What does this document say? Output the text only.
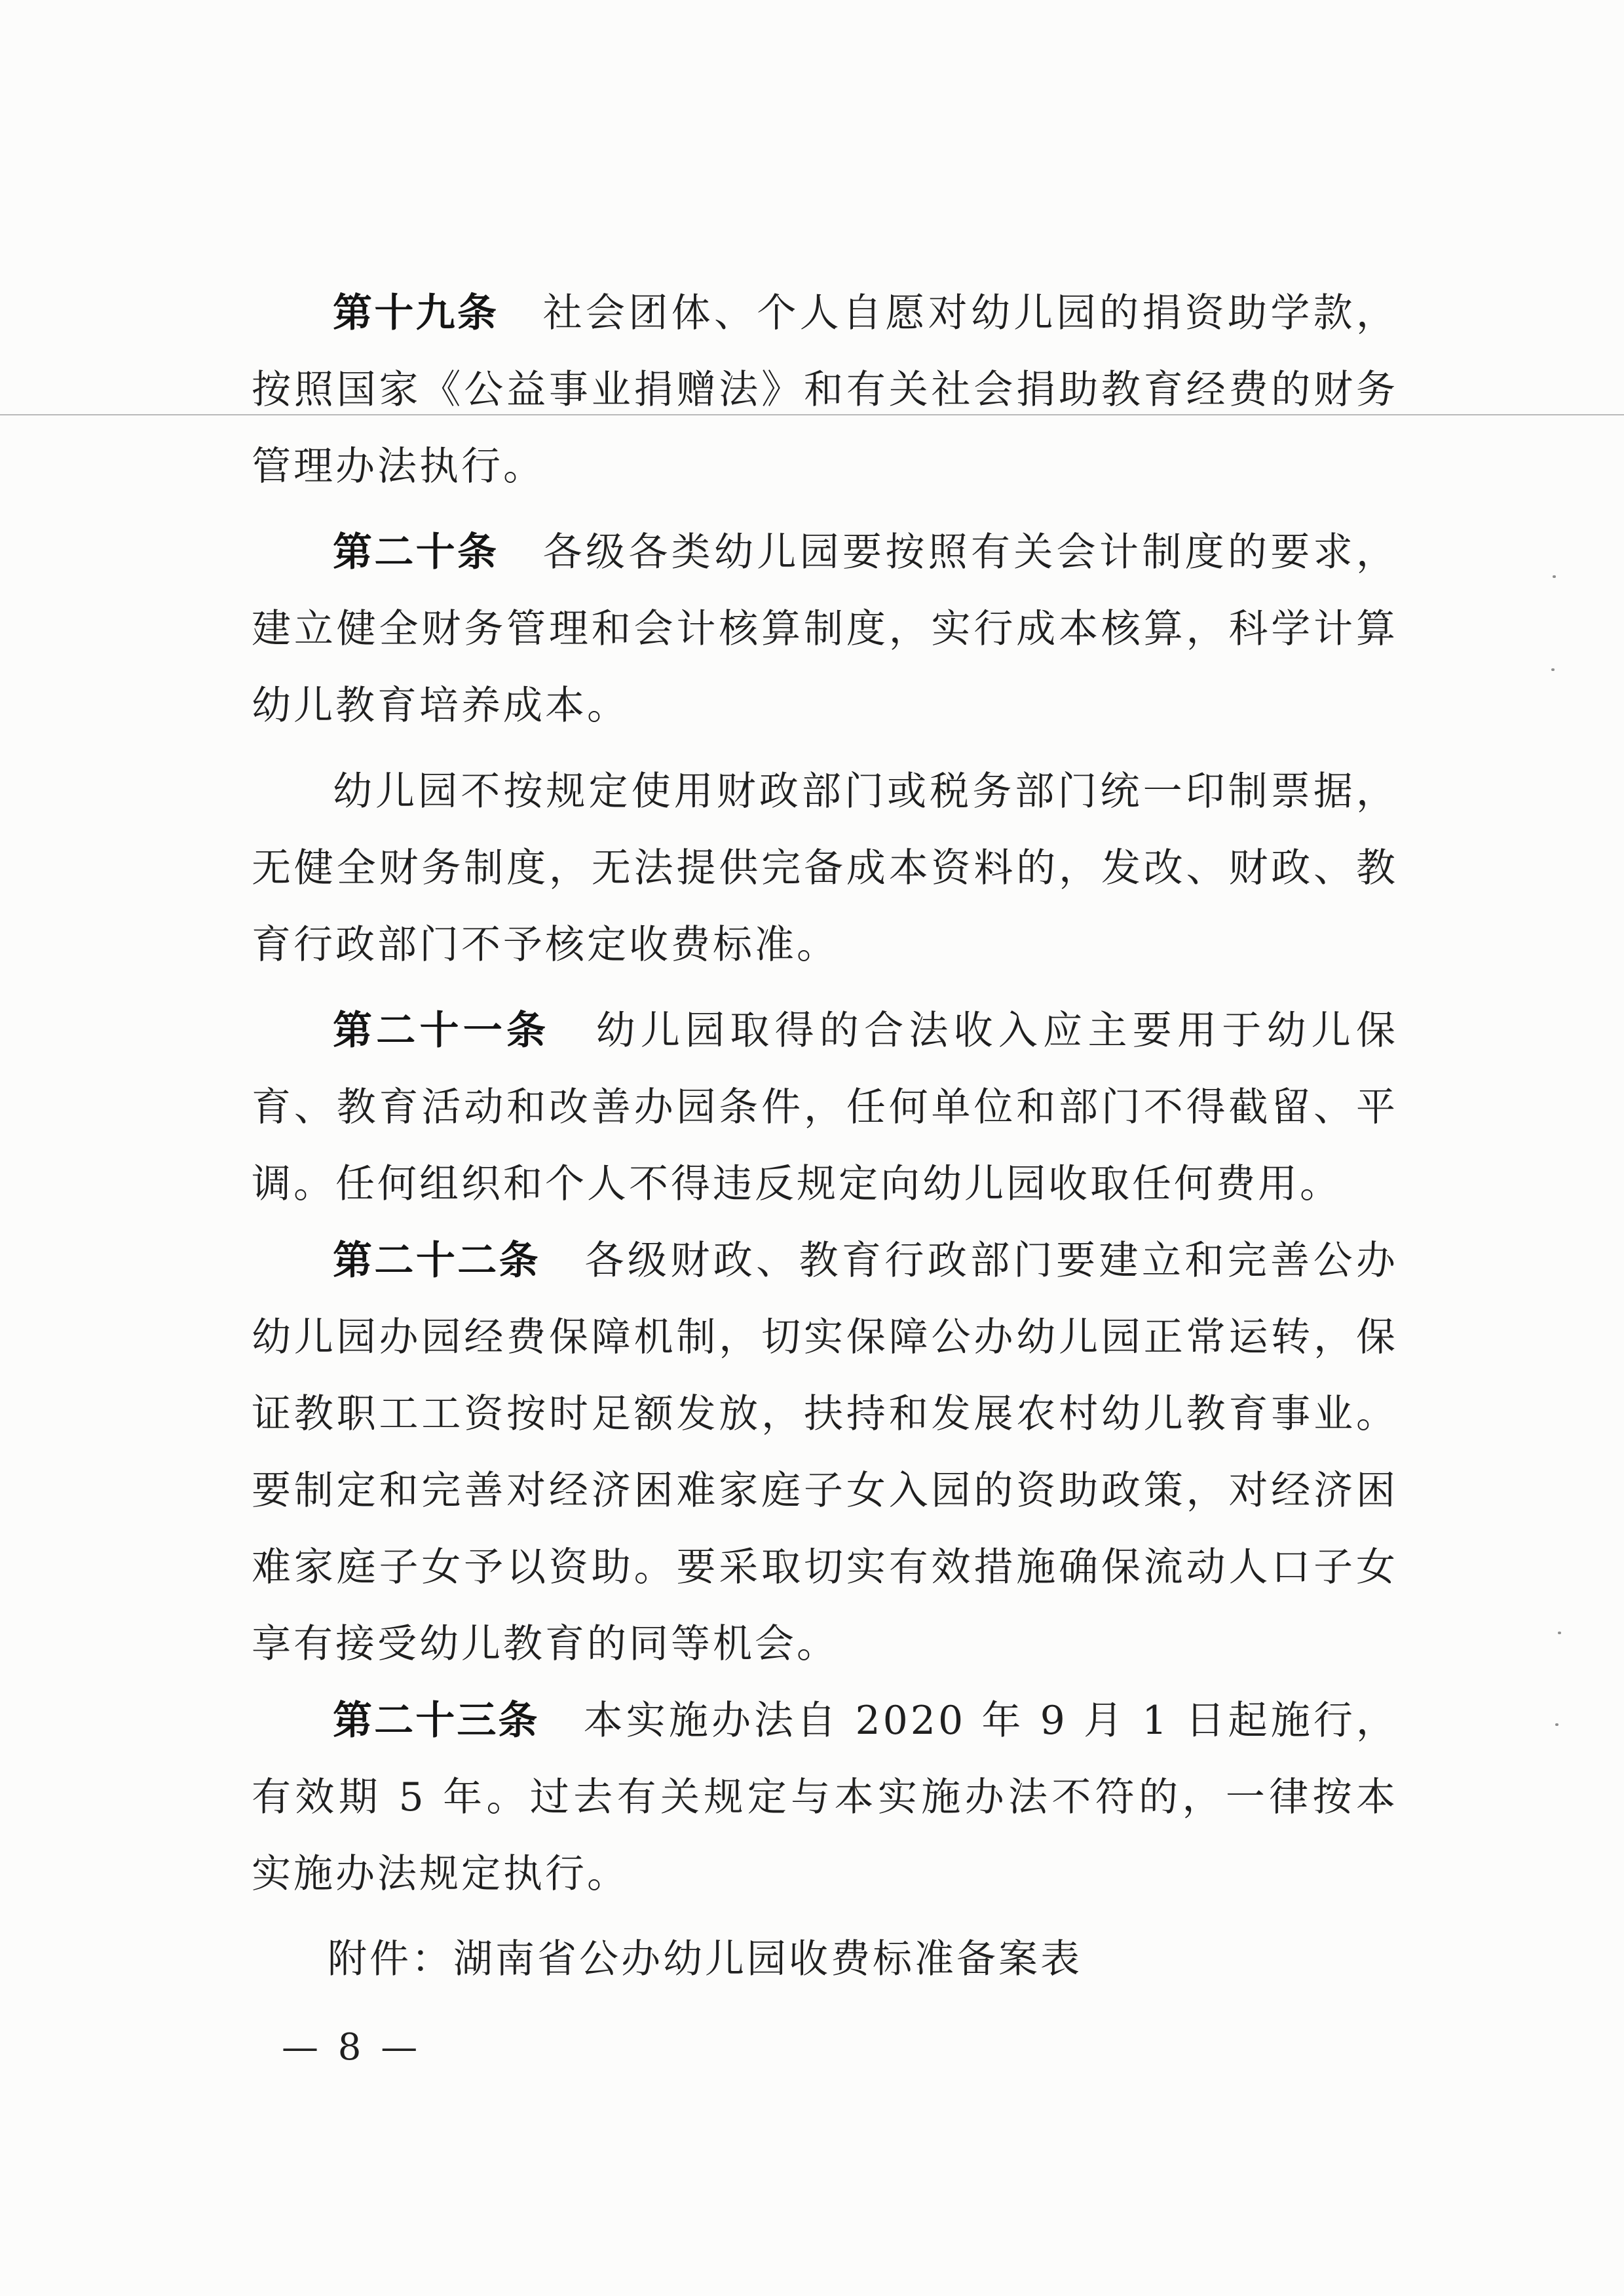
第十九条 社会团体、个人自愿对幼儿园的捐资助学款，按照国家《公益事业捐赠法》和有关社会捐助教育经费的财务管理办法执行。

第二十条 各级各类幼儿园要按照有关会计制度的要求，建立健全财务管理和会计核算制度，实行成本核算，科学计算幼儿教育培养成本。

幼儿园不按规定使用财政部门或税务部门统一印制票据，无健全财务制度，无法提供完备成本资料的，发改、财政、教育行政部门不予核定收费标准。

第二十一条 幼儿园取得的合法收入应主要用于幼儿保育、教育活动和改善办园条件，任何单位和部门不得截留、平调。任何组织和个人不得违反规定向幼儿园收取任何费用。

第二十二条 各级财政、教育行政部门要建立和完善公办幼儿园办园经费保障机制，切实保障公办幼儿园正常运转，保证教职工工资按时足额发放，扶持和发展农村幼儿教育事业。要制定和完善对经济困难家庭子女入园的资助政策，对经济困难家庭子女予以资助。要采取切实有效措施确保流动人口子女享有接受幼儿教育的同等机会。

第二十三条 本实施办法自 2020 年 9 月 1 日起施行，有效期 5 年。过去有关规定与本实施办法不符的，一律按本实施办法规定执行。

附件：湖南省公办幼儿园收费标准备案表
— 8 —
